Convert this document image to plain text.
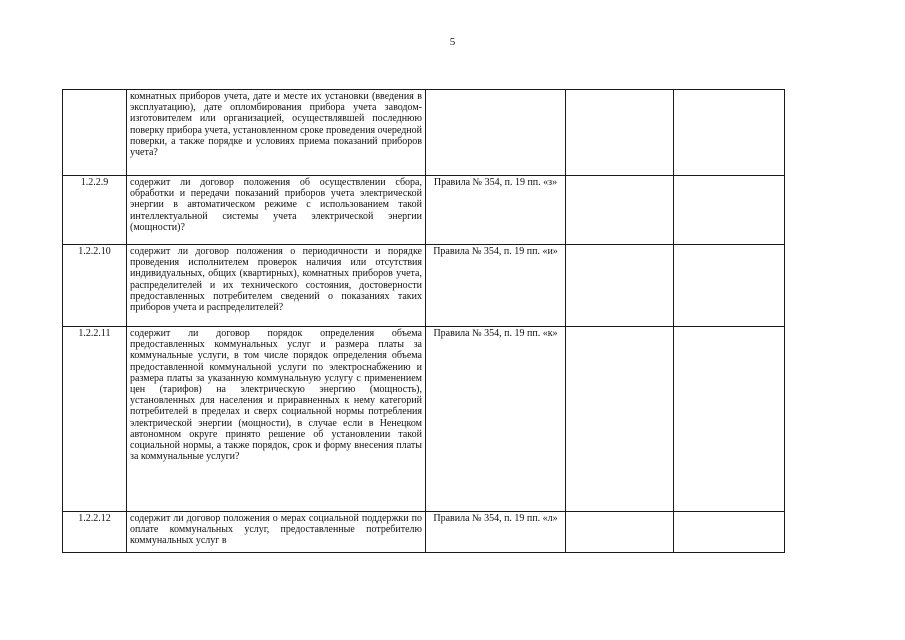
5
	комнатных приборов учета, дате и месте их установки (введения в эксплуатацию), дате опломбирования прибора учета заводом-изготовителем или организацией, осуществлявшей последнюю поверку прибора учета, установленном сроке проведения очередной поверки, а также порядке и условиях приема показаний приборов учета?			
1.2.2.9	содержит ли договор положения об осуществлении сбора, обработки и передачи показаний приборов учета электрической энергии в автоматическом режиме с использованием такой интеллектуальной системы учета электрической энергии (мощности)?	Правила № 354, п. 19 пп. «з»		
1.2.2.10	содержит ли договор положения о периодичности и порядке проведения исполнителем проверок наличия или отсутствия индивидуальных, общих (квартирных), комнатных приборов учета, распределителей и их технического состояния, достоверности предоставленных потребителем сведений о показаниях таких приборов учета и распределителей?	Правила № 354, п. 19 пп. «и»		
1.2.2.11	содержит ли договор порядок определения объема предоставленных коммунальных услуг и размера платы за коммунальные услуги, в том числе порядок определения объема предоставленной коммунальной услуги по электроснабжению и размера платы за указанную коммунальную услугу с применением цен (тарифов) на электрическую энергию (мощность), установленных для населения и приравненных к нему категорий потребителей в пределах и сверх социальной нормы потребления электрической энергии (мощности), в случае если в Ненецком автономном округе принято решение об установлении такой социальной нормы, а также порядок, срок и форму внесения платы за коммунальные услуги?	Правила № 354, п. 19 пп. «к»		
1.2.2.12	содержит ли договор положения о мерах социальной поддержки по оплате коммунальных услуг, предоставленные потребителю коммунальных услуг в	Правила № 354, п. 19 пп. «л»		
